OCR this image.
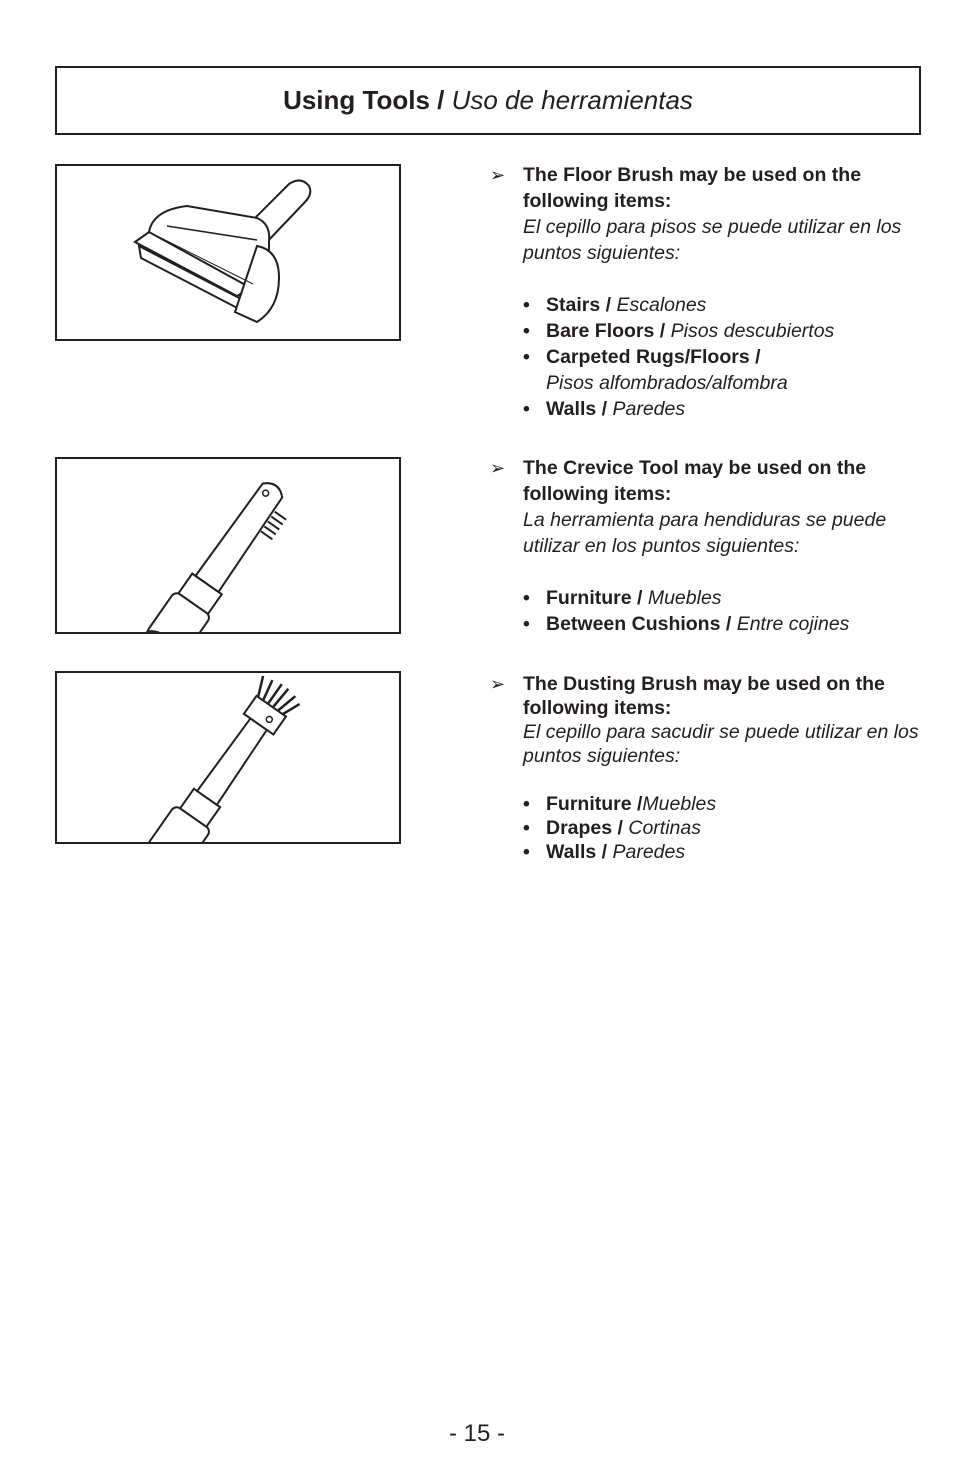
Using Tools /
Uso de herramientas
➢ The Floor Brush may be used on the following items:
El cepillo para pisos se puede utilizar en los puntos siguientes:
• Stairs / Escalones
• Bare Floors / Pisos descubiertos
• Carpeted Rugs/Floors /
Pisos alfombrados/alfombra
• Walls / Paredes
➢ The Crevice Tool may be used on the following items:
La herramienta para hendiduras se puede utilizar en los puntos siguientes:
• Furniture / Muebles
• Between Cushions / Entre cojines
➢ The Dusting Brush may be used on the following items:
El cepillo para sacudir se puede utilizar en los puntos siguientes:
• Furniture /Muebles
• Drapes / Cortinas
• Walls / Paredes
- 15 -
